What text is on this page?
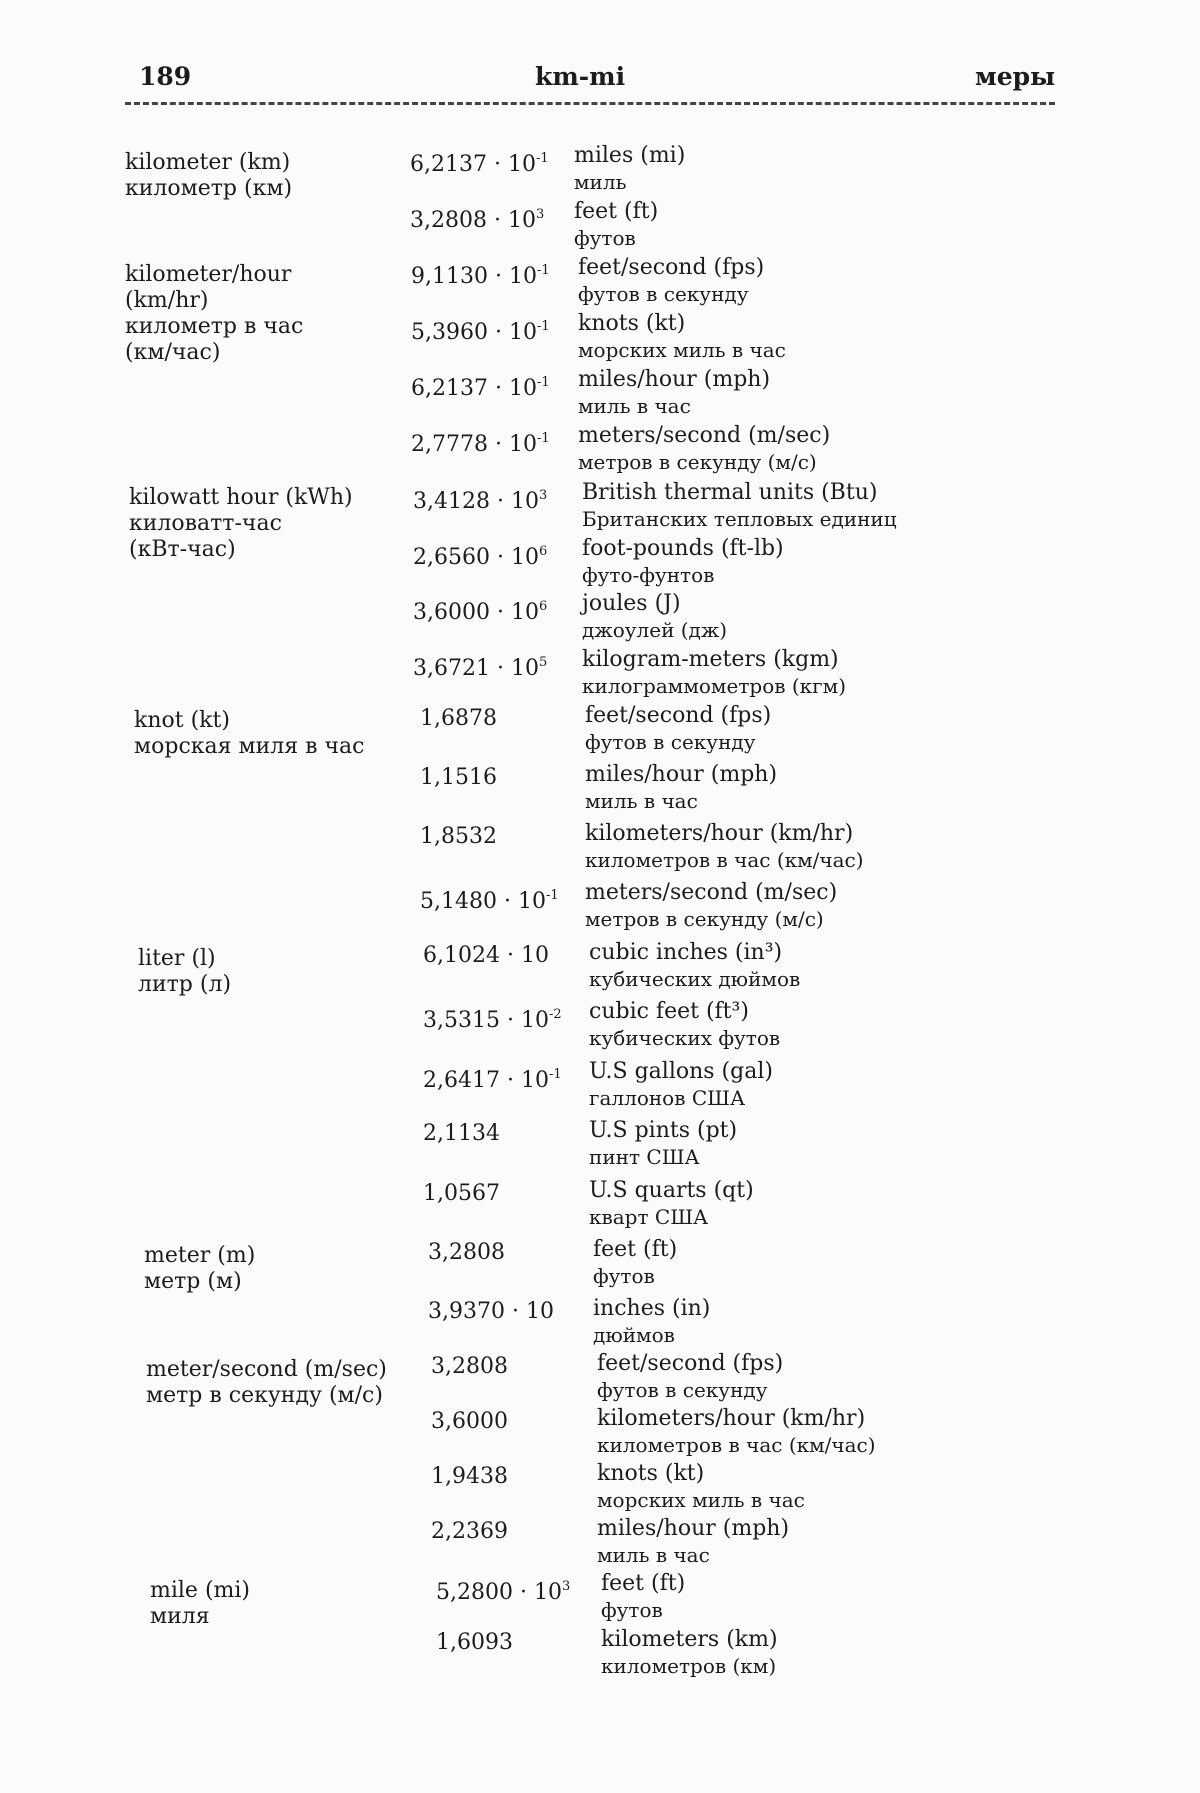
189	km-mi	меры
kilometer (km)
километр (км)
$6,2137 \cdot 10^{-1}$ miles (mi)
миль
$3,2808 \cdot 10^3$ feet (ft)
футов
kilometer/hour
(km/hr)
километр в час
(км/час)
$9,1130 \cdot 10^{-1}$ feet/second (fps)
футов в секунду
$5,3960 \cdot 10^{-1}$ knots (kt)
морских миль в час
$6,2137 \cdot 10^{-1}$ miles/hour (mph)
миль в час
$2,7778 \cdot 10^{-1}$ meters/second (m/sec)
метров в секунду (м/с)
kilowatt hour (kWh)
киловатт-час
(кВт-час)
$3,4128 \cdot 10^3$ British thermal units (Btu)
Британских тепловых единиц
$2,6560 \cdot 10^6$ foot-pounds (ft-lb)
футо-фунтов
$3,6000 \cdot 10^6$ joules (J)
джоулей (дж)
$3,6721 \cdot 10^5$ kilogram-meters (kgm)
килограммометров (кгм)
knot (kt)
морская миля в час
1,6878	feet/second (fps)
футов в секунду
1,1516	miles/hour (mph)
миль в час
1,8532	kilometers/hour (km/hr)
километров в час (км/час)
$5,1480 \cdot 10^{-1}$ meters/second (m/sec)
метров в секунду (м/с)
liter (l)
литр (л)
6,1024 · 10 cubic inches (in³)
кубических дюймов
$3,5315 \cdot 10^{-2}$ cubic feet (ft³)
кубических футов
$2,6417 \cdot 10^{-1}$ U.S gallons (gal)
галлонов США
2,1134	U.S pints (pt)
пинт США
1,0567	U.S quarts (qt)
кварт США
meter (m)
метр (м)
3,2808	feet (ft)
футов
3,9370 · 10 inches (in)
дюймов
meter/second (m/sec)
метр в секунду (м/с)
3,2808	feet/second (fps)
футов в секунду
3,6000	kilometers/hour (km/hr)
километров в час (км/час)
1,9438	knots (kt)
морских миль в час
2,2369	miles/hour (mph)
миль в час
mile (mi)
миля
$5,2800 \cdot 10^3$ feet (ft)
футов
1,6093	kilometers (km)
километров (км)
